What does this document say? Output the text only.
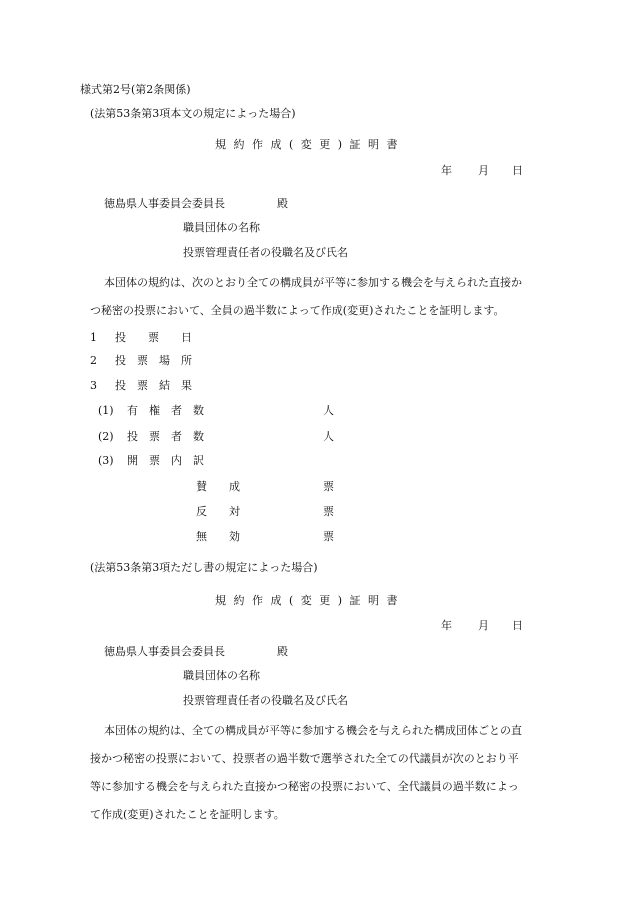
様式第2号(第2条関係)
(法第53条第3項本文の規定によった場合)
規 約 作 成 ( 変 更 ) 証 明 書
年 月 日
徳島県人事委員会委員長	殿
職員団体の名称
投票管理責任者の役職名及び氏名
本団体の規約は、次のとおり全ての構成員が平等に参加する機会を与えられた直接か
つ秘密の投票において、全員の過半数によって作成(変更)されたことを証明します。
1 投　　票　　日
2 投　票　場　所
3 投　票　結　果
(1) 有　権　者　数	人
(2) 投　票　者　数	人
(3) 開　票　内　訳
賛　　成	票
反　　対	票
無　　効	票
(法第53条第3項ただし書の規定によった場合)
規 約 作 成 ( 変 更 ) 証 明 書
年 月 日
徳島県人事委員会委員長	殿
職員団体の名称
投票管理責任者の役職名及び氏名
本団体の規約は、全ての構成員が平等に参加する機会を与えられた構成団体ごとの直
接かつ秘密の投票において、投票者の過半数で選挙された全ての代議員が次のとおり平
等に参加する機会を与えられた直接かつ秘密の投票において、全代議員の過半数によっ
て作成(変更)されたことを証明します。
